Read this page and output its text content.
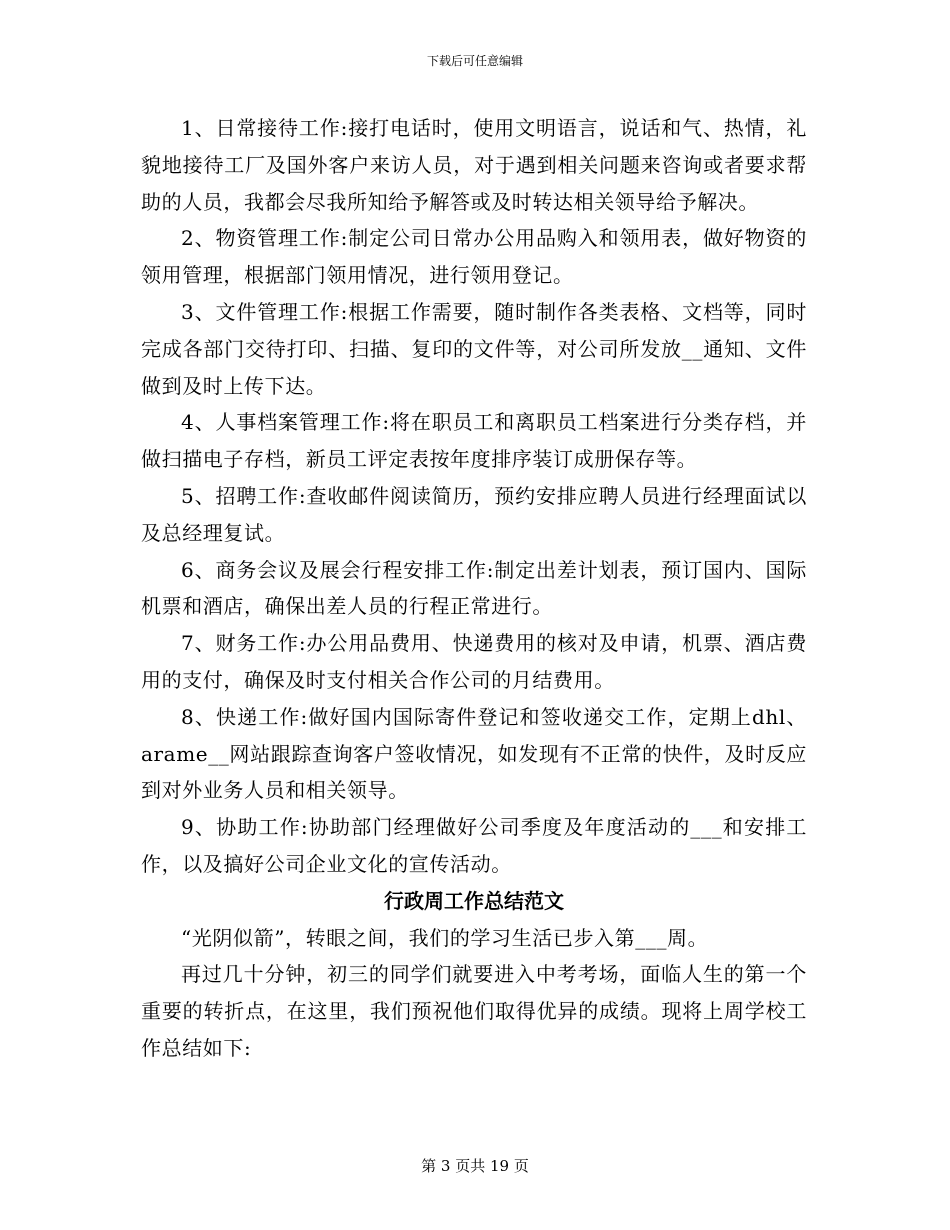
下载后可任意编辑

1、日常接待工作:接打电话时，使用文明语言，说话和气、热情，礼貌地接待工厂及国外客户来访人员，对于遇到相关问题来咨询或者要求帮助的人员，我都会尽我所知给予解答或及时转达相关领导给予解决。

2、物资管理工作:制定公司日常办公用品购入和领用表，做好物资的领用管理，根据部门领用情况，进行领用登记。

3、文件管理工作:根据工作需要，随时制作各类表格、文档等，同时完成各部门交待打印、扫描、复印的文件等，对公司所发放__通知、文件做到及时上传下达。

4、人事档案管理工作:将在职员工和离职员工档案进行分类存档，并做扫描电子存档，新员工评定表按年度排序装订成册保存等。

5、招聘工作:查收邮件阅读简历，预约安排应聘人员进行经理面试以及总经理复试。

6、商务会议及展会行程安排工作:制定出差计划表，预订国内、国际机票和酒店，确保出差人员的行程正常进行。

7、财务工作:办公用品费用、快递费用的核对及申请，机票、酒店费用的支付，确保及时支付相关合作公司的月结费用。

8、快递工作:做好国内国际寄件登记和签收递交工作，定期上dhl、arame__网站跟踪查询客户签收情况，如发现有不正常的快件，及时反应到对外业务人员和相关领导。

9、协助工作:协助部门经理做好公司季度及年度活动的___和安排工作，以及搞好公司企业文化的宣传活动。

行政周工作总结范文

“光阴似箭”，转眼之间，我们的学习生活已步入第___周。

再过几十分钟，初三的同学们就要进入中考考场，面临人生的第一个重要的转折点，在这里，我们预祝他们取得优异的成绩。现将上周学校工作总结如下:

第 3 页共 19 页
